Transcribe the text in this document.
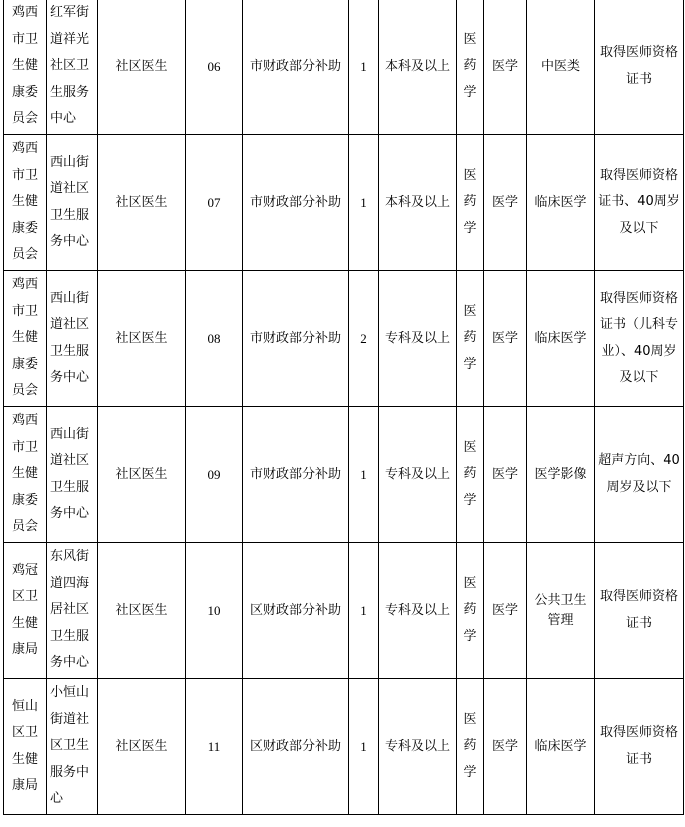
鸡西
市卫
生健
康委
员会	红军街
道祥光
社区卫
生服务
中心	社区医生	06	市财政部分补助	1	本科及以上	医
药
学	医学	中医类	取得医师资格
证书
鸡西
市卫
生健
康委
员会	西山街
道社区
卫生服
务中心	社区医生	07	市财政部分补助	1	本科及以上	医
药
学	医学	临床医学	取得医师资格
证书、40周岁
及以下
鸡西
市卫
生健
康委
员会	西山街
道社区
卫生服
务中心	社区医生	08	市财政部分补助	2	专科及以上	医
药
学	医学	临床医学	取得医师资格
证书（儿科专
业）、40周岁
及以下
鸡西
市卫
生健
康委
员会	西山街
道社区
卫生服
务中心	社区医生	09	市财政部分补助	1	专科及以上	医
药
学	医学	医学影像	超声方向、40
周岁及以下
鸡冠
区卫
生健
康局	东风街
道四海
居社区
卫生服
务中心	社区医生	10	区财政部分补助	1	专科及以上	医
药
学	医学	公共卫生
管理	取得医师资格
证书
恒山
区卫
生健
康局	小恒山
街道社
区卫生
服务中
心	社区医生	11	区财政部分补助	1	专科及以上	医
药
学	医学	临床医学	取得医师资格
证书
